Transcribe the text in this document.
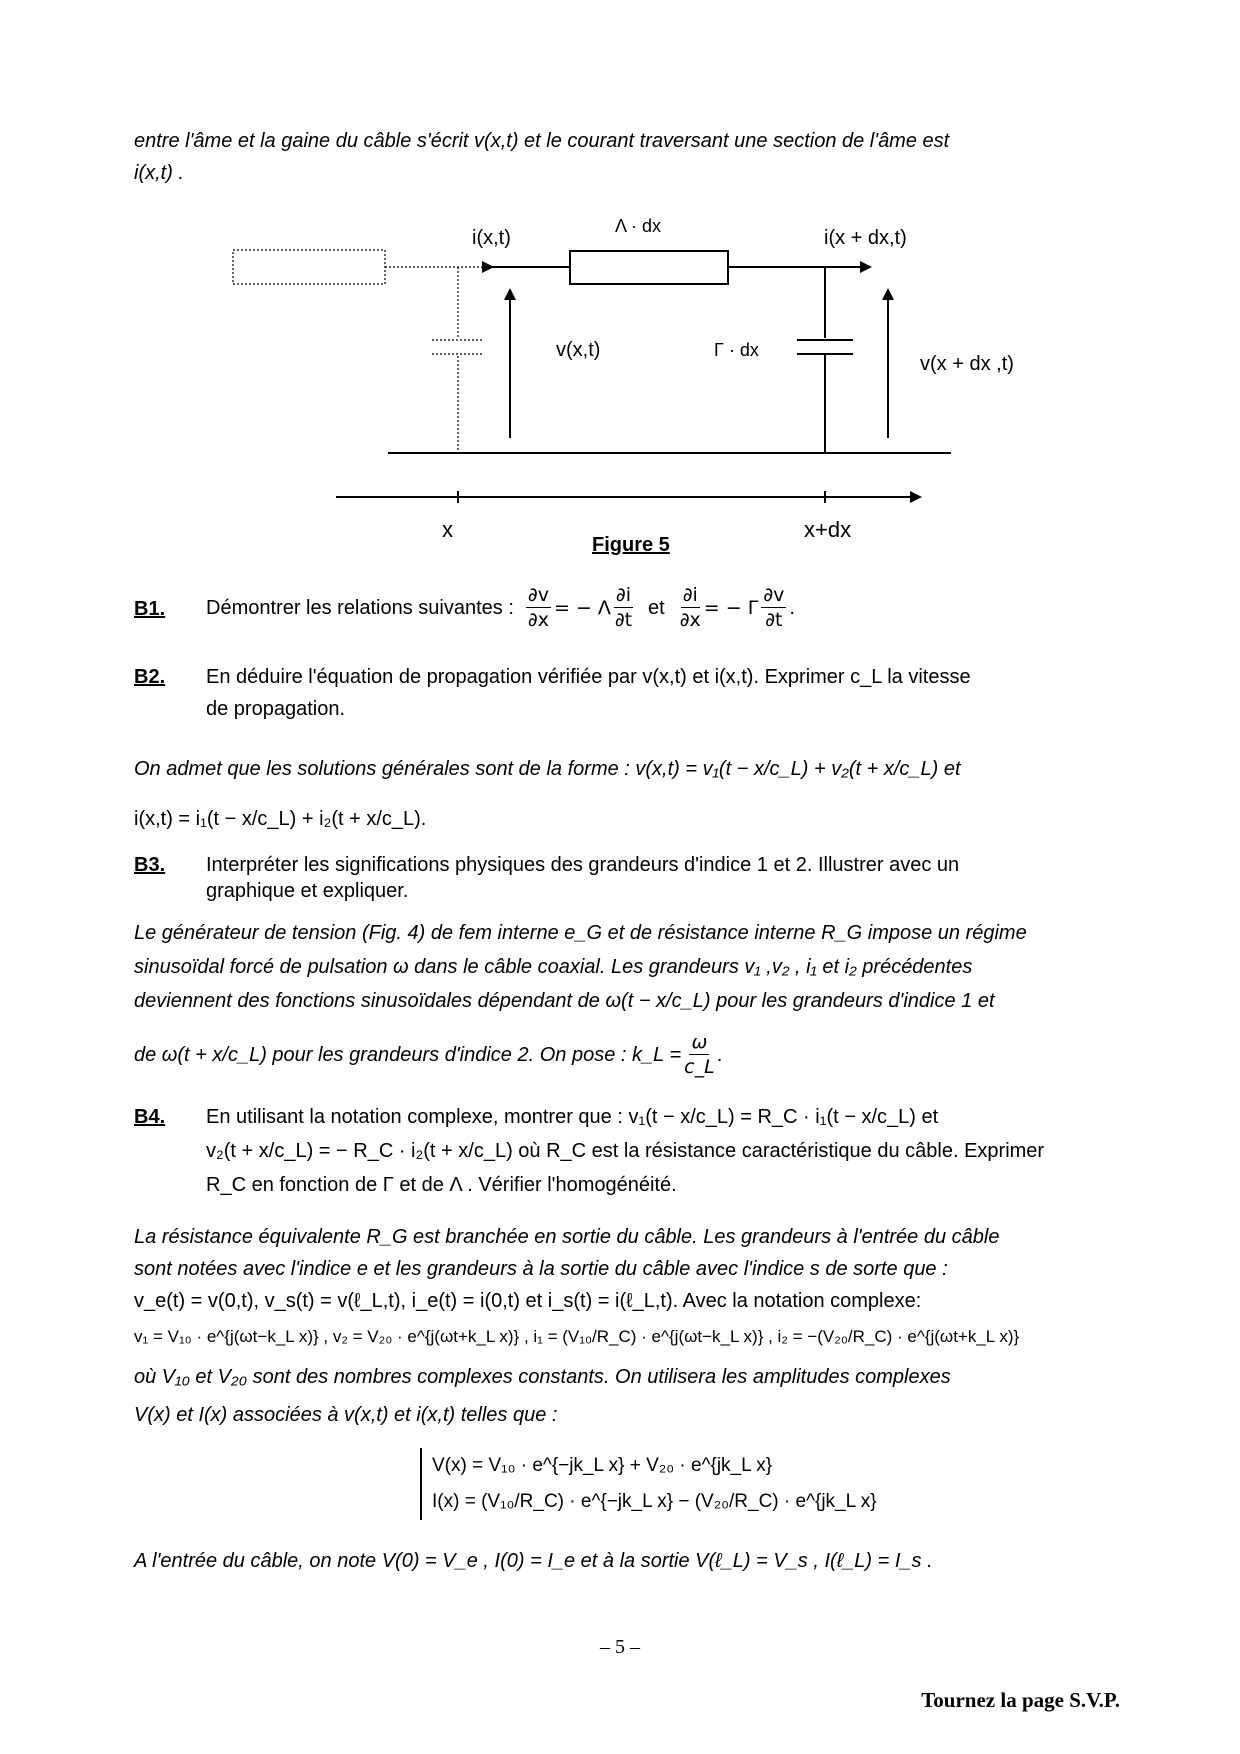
entre l'âme et la gaine du câble s'écrit v(x,t) et le courant traversant une section de l'âme est
i(x,t) .
i(x,t)
Λ · dx
i(x + dx,t)
v(x,t)	Γ · dx
v(x + dx ,t)
x	x+dx
Figure 5
B1. Démontrer les relations suivantes : $\frac{\partial v}{\partial x}$ = − Λ $\frac{\partial i}{\partial t}$ et $\frac{\partial i}{\partial x}$ = − Γ $\frac{\partial v}{\partial t}$ .
B2. En déduire l'équation de propagation vérifiée par v(x,t) et i(x,t). Exprimer c_L la vitesse
de propagation.
On admet que les solutions générales sont de la forme : v(x,t) = v₁(t − x/c_L) + v₂(t + x/c_L) et
i(x,t) = i₁(t − x/c_L) + i₂(t + x/c_L).
B3. Interpréter les significations physiques des grandeurs d'indice 1 et 2. Illustrer avec un
graphique et expliquer.
Le générateur de tension (Fig. 4) de fem interne e_G et de résistance interne R_G impose un régime
sinusoïdal forcé de pulsation ω dans le câble coaxial. Les grandeurs v₁ ,v₂ , i₁ et i₂ précédentes
deviennent des fonctions sinusoïdales dépendant de ω(t − x/c_L) pour les grandeurs d'indice 1 et
de ω(t + x/c_L) pour les grandeurs d'indice 2. On pose : k_L = $\frac{\omega}{c\_L}$ .
B4. En utilisant la notation complexe, montrer que : v₁(t − x/c_L) = R_C · i₁(t − x/c_L) et
v₂(t + x/c_L) = − R_C · i₂(t + x/c_L) où R_C est la résistance caractéristique du câble. Exprimer
R_C en fonction de Γ et de Λ . Vérifier l'homogénéité.
La résistance équivalente R_G est branchée en sortie du câble. Les grandeurs à l'entrée du câble
sont notées avec l'indice e et les grandeurs à la sortie du câble avec l'indice s de sorte que :
v_e(t) = v(0,t), v_s(t) = v(ℓ_L,t), i_e(t) = i(0,t) et i_s(t) = i(ℓ_L,t). Avec la notation complexe:
v₁ = V₁₀ · e^{j(ωt−k_L x)} , v₂ = V₂₀ · e^{j(ωt+k_L x)} , i₁ = (V₁₀/R_C) · e^{j(ωt−k_L x)} , i₂ = −(V₂₀/R_C) · e^{j(ωt+k_L x)}
où V₁₀ et V₂₀ sont des nombres complexes constants. On utilisera les amplitudes complexes
V(x) et I(x) associées à v(x,t) et i(x,t) telles que :
V(x) = V₁₀ · e^{−jk_L x} + V₂₀ · e^{jk_L x}
I(x) = (V₁₀/R_C) · e^{−jk_L x} − (V₂₀/R_C) · e^{jk_L x}
A l'entrée du câble, on note V(0) = V_e , I(0) = I_e et à la sortie V(ℓ_L) = V_s , I(ℓ_L) = I_s .
– 5 –
Tournez la page S.V.P.
